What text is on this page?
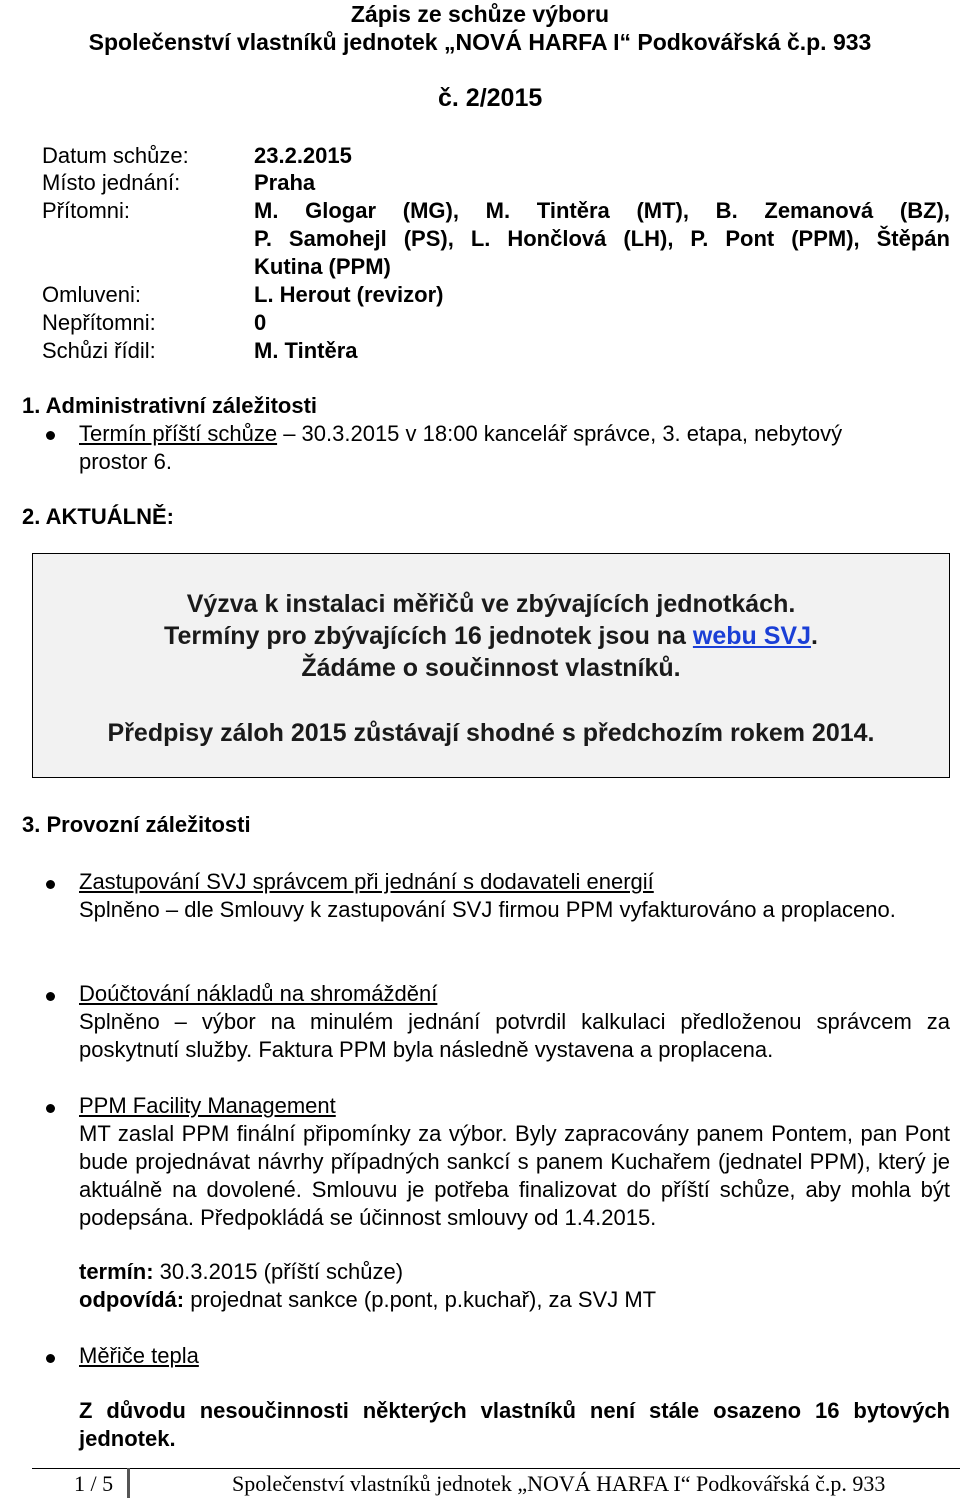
Zápis ze schůze výboru
Společenství vlastníků jednotek „NOVÁ HARFA I“ Podkovářská č.p. 933
č. 2/2015
Datum schůze:	23.2.2015
Místo jednání:	Praha
Přítomni:	M. Glogar (MG), M. Tintěra (MT), B. Zemanová (BZ),
P. Samohejl (PS), L. Hončlová (LH), P. Pont (PPM), Štěpán
Kutina (PPM)
Omluveni:	L. Herout (revizor)
Nepřítomni:	0
Schůzi řídil:	M. Tintěra
1. Administrativní záležitosti
Termín příští schůze – 30.3.2015 v 18:00 kancelář správce, 3. etapa, nebytový
prostor 6.
2. AKTUÁLNĚ:

Výzva k instalaci měřičů ve zbývajících jednotkách.

Termíny pro zbývajících 16 jednotek jsou na webu SVJ.

Žádáme o součinnost vlastníků.

Předpisy záloh 2015 zůstávají shodné s předchozím rokem 2014.

3. Provozní záležitosti
Zastupování SVJ správcem při jednání s dodavateli energií
Splněno – dle Smlouvy k zastupování SVJ firmou PPM vyfakturováno a proplaceno.
Doúčtování nákladů na shromáždění
Splněno – výbor na minulém jednání potvrdil kalkulaci předloženou správcem za poskytnutí služby. Faktura PPM byla následně vystavena a proplacena.
PPM Facility Management
MT zaslal PPM finální připomínky za výbor. Byly zapracovány panem Pontem, pan Pont bude projednávat návrhy případných sankcí s panem Kuchařem (jednatel PPM), který je aktuálně na dovolené. Smlouvu je potřeba finalizovat do příští schůze, aby mohla být podepsána. Předpokládá se účinnost smlouvy od 1.4.2015.
termín: 30.3.2015 (příští schůze)
odpovídá: projednat sankce (p.pont, p.kuchař), za SVJ MT
Měřiče tepla
Z důvodu nesoučinnosti některých vlastníků není stále osazeno 16 bytových jednotek.
1 / 5	Společenství vlastníků jednotek „NOVÁ HARFA I“ Podkovářská č.p. 933
